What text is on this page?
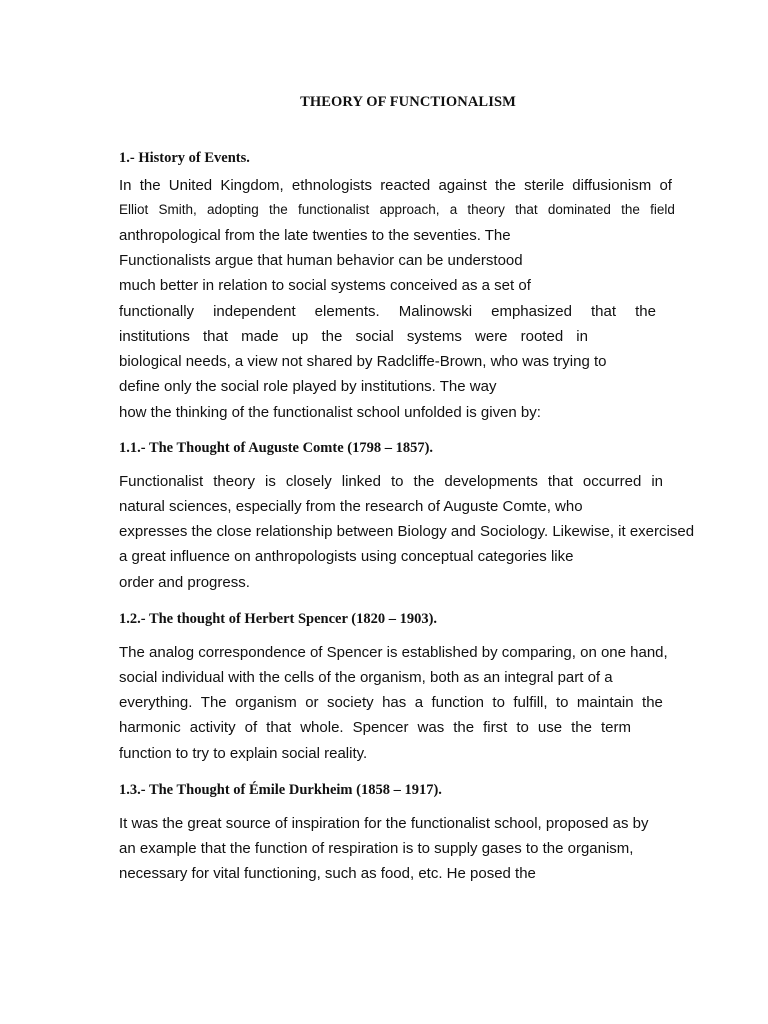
THEORY OF FUNCTIONALISM
1.- History of Events.
In the United Kingdom, ethnologists reacted against the sterile diffusionism of
Elliot Smith, adopting the functionalist approach, a theory that dominated the field
anthropological from the late twenties to the seventies. The
Functionalists argue that human behavior can be understood
much better in relation to social systems conceived as a set of
functionally independent elements. Malinowski emphasized that the
institutions that made up the social systems were rooted in
biological needs, a view not shared by Radcliffe-Brown, who was trying to
define only the social role played by institutions. The way
how the thinking of the functionalist school unfolded is given by:
1.1.- The Thought of Auguste Comte (1798 – 1857).
Functionalist theory is closely linked to the developments that occurred in
natural sciences, especially from the research of Auguste Comte, who
expresses the close relationship between Biology and Sociology. Likewise, it exercised
a great influence on anthropologists using conceptual categories like
order and progress.
1.2.- The thought of Herbert Spencer (1820 – 1903).
The analog correspondence of Spencer is established by comparing, on one hand,
social individual with the cells of the organism, both as an integral part of a
everything. The organism or society has a function to fulfill, to maintain the
harmonic activity of that whole. Spencer was the first to use the term
function to try to explain social reality.
1.3.- The Thought of Émile Durkheim (1858 – 1917).
It was the great source of inspiration for the functionalist school, proposed as by
an example that the function of respiration is to supply gases to the organism,
necessary for vital functioning, such as food, etc. He posed the
